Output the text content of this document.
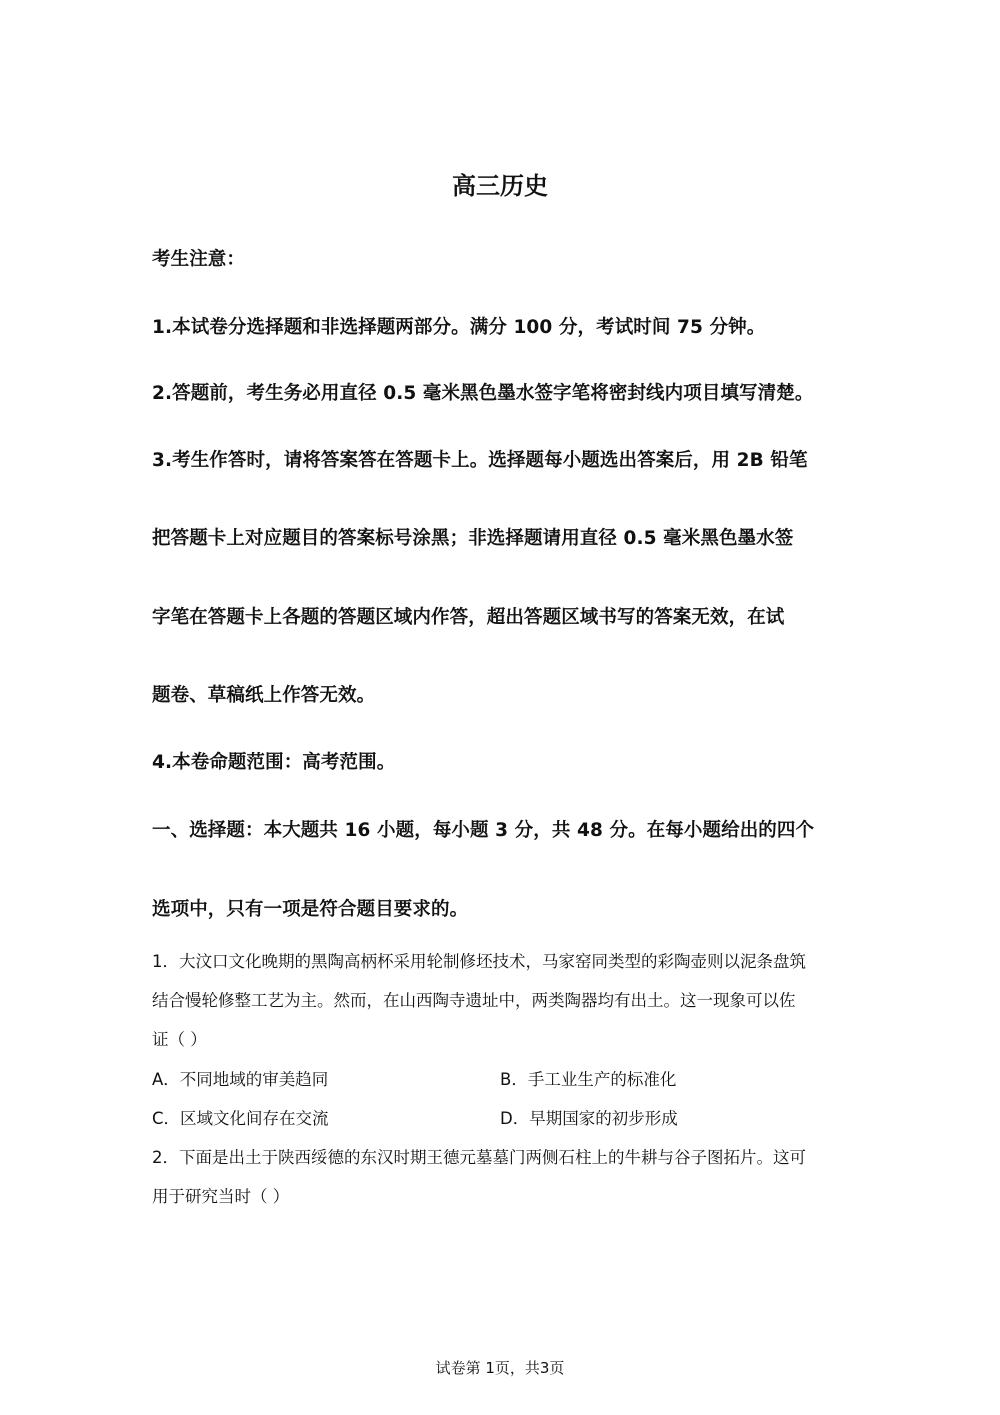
高三历史
考生注意：
1.本试卷分选择题和非选择题两部分。满分 100 分，考试时间 75 分钟。
2.答题前，考生务必用直径 0.5 毫米黑色墨水签字笔将密封线内项目填写清楚。
3.考生作答时，请将答案答在答题卡上。选择题每小题选出答案后，用 2B 铅笔
把答题卡上对应题目的答案标号涂黑；非选择题请用直径 0.5 毫米黑色墨水签
字笔在答题卡上各题的答题区域内作答，超出答题区域书写的答案无效，在试
题卷、草稿纸上作答无效。
4.本卷命题范围：高考范围。
一、选择题：本大题共 16 小题，每小题 3 分，共 48 分。在每小题给出的四个
选项中，只有一项是符合题目要求的。
1．大汶口文化晚期的黑陶高柄杯采用轮制修坯技术，马家窑同类型的彩陶壶则以泥条盘筑
结合慢轮修整工艺为主。然而，在山西陶寺遗址中，两类陶器均有出土。这一现象可以佐
证（ ）
A．不同地域的审美趋同	B．手工业生产的标准化
C．区域文化间存在交流	D．早期国家的初步形成
2．下面是出土于陕西绥德的东汉时期王德元墓墓门两侧石柱上的牛耕与谷子图拓片。这可
用于研究当时（ ）
试卷第 1页，共3页
